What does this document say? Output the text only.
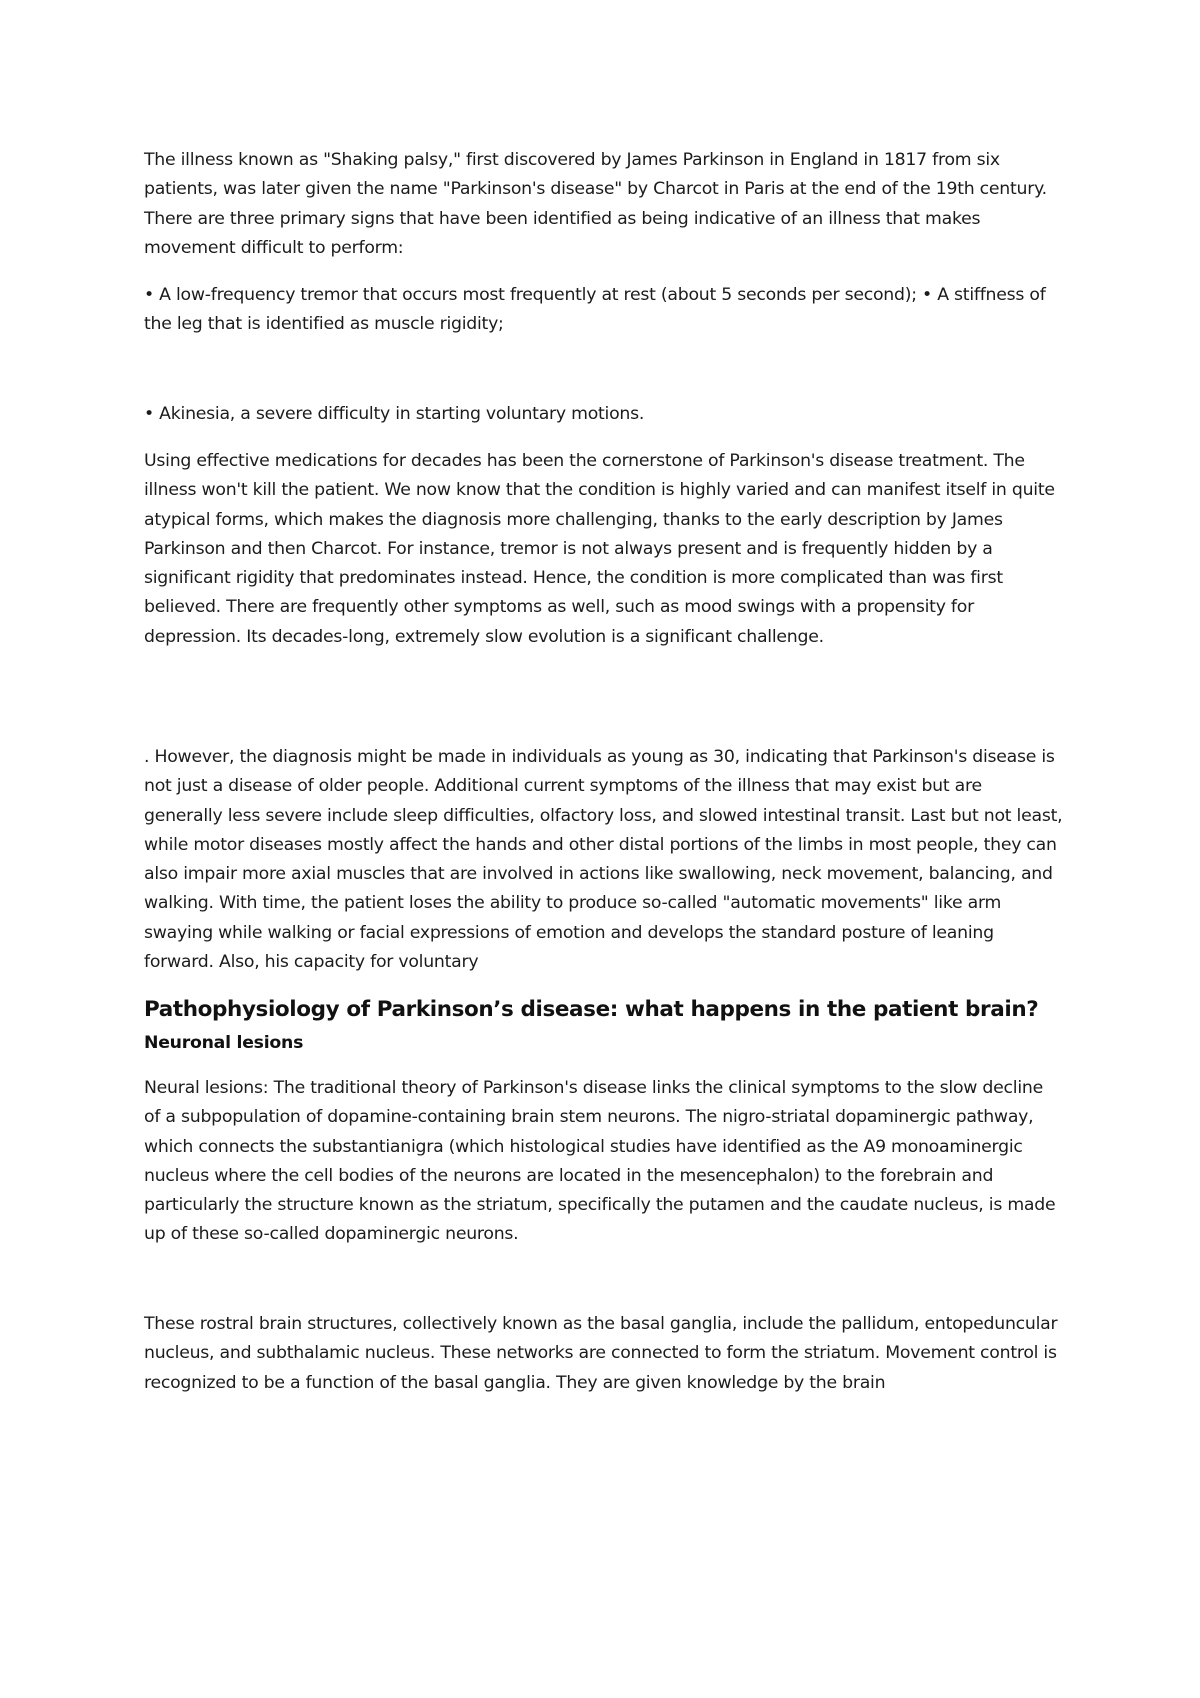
The illness known as "Shaking palsy," first discovered by James Parkinson in England in 1817 from six patients, was later given the name "Parkinson's disease" by Charcot in Paris at the end of the 19th century. There are three primary signs that have been identified as being indicative of an illness that makes movement difficult to perform:

• A low-frequency tremor that occurs most frequently at rest (about 5 seconds per second); • A stiffness of the leg that is identified as muscle rigidity;

• Akinesia, a severe difficulty in starting voluntary motions.

Using effective medications for decades has been the cornerstone of Parkinson's disease treatment. The illness won't kill the patient. We now know that the condition is highly varied and can manifest itself in quite atypical forms, which makes the diagnosis more challenging, thanks to the early description by James Parkinson and then Charcot. For instance, tremor is not always present and is frequently hidden by a significant rigidity that predominates instead. Hence, the condition is more complicated than was first believed. There are frequently other symptoms as well, such as mood swings with a propensity for depression. Its decades-long, extremely slow evolution is a significant challenge.

. However, the diagnosis might be made in individuals as young as 30, indicating that Parkinson's disease is not just a disease of older people. Additional current symptoms of the illness that may exist but are generally less severe include sleep difficulties, olfactory loss, and slowed intestinal transit. Last but not least, while motor diseases mostly affect the hands and other distal portions of the limbs in most people, they can also impair more axial muscles that are involved in actions like swallowing, neck movement, balancing, and walking. With time, the patient loses the ability to produce so-called "automatic movements" like arm swaying while walking or facial expressions of emotion and develops the standard posture of leaning forward. Also, his capacity for voluntary

Pathophysiology of Parkinson’s disease: what happens in the patient brain?
Neuronal lesions

Neural lesions: The traditional theory of Parkinson's disease links the clinical symptoms to the slow decline of a subpopulation of dopamine-containing brain stem neurons. The nigro-striatal dopaminergic pathway, which connects the substantianigra (which histological studies have identified as the A9 monoaminergic nucleus where the cell bodies of the neurons are located in the mesencephalon) to the forebrain and particularly the structure known as the striatum, specifically the putamen and the caudate nucleus, is made up of these so-called dopaminergic neurons.

These rostral brain structures, collectively known as the basal ganglia, include the pallidum, entopeduncular nucleus, and subthalamic nucleus. These networks are connected to form the striatum. Movement control is recognized to be a function of the basal ganglia. They are given knowledge by the brain
